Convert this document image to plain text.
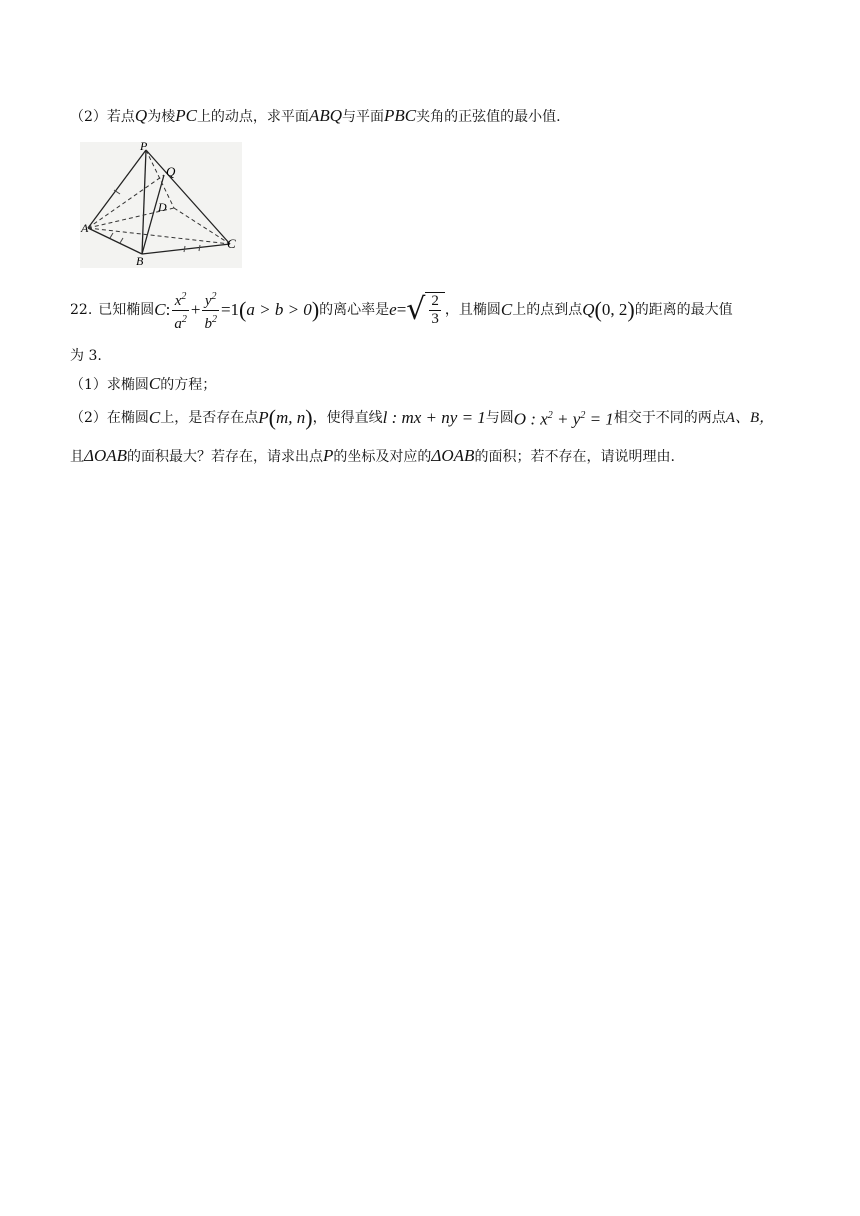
（2）若点Q为棱PC上的动点，求平面ABQ与平面PBC夹角的正弦值的最小值.
P
Q
D
A
B
C
22. 已知椭圆 C : $\frac{x^2}{a^2} + \frac{y^2}{b^2} =1$ ( a > b > 0 ) 的离心率是 e = √ $\frac{2}{3}$ ，且椭圆 C 上的点到点 Q ( 0, 2 ) 的距离的最大值
为 3.
（1）求椭圆C的方程；
（2）在椭圆 C 上，是否存在点 P ( m, n ) ，使得直线 l : mx + ny = 1 与圆 O : $x^2 + y^2 = 1$ 相交于不同的两点 A、B，
且ΔOAB的面积最大？若存在，请求出点P的坐标及对应的ΔOAB的面积；若不存在，请说明理由.
